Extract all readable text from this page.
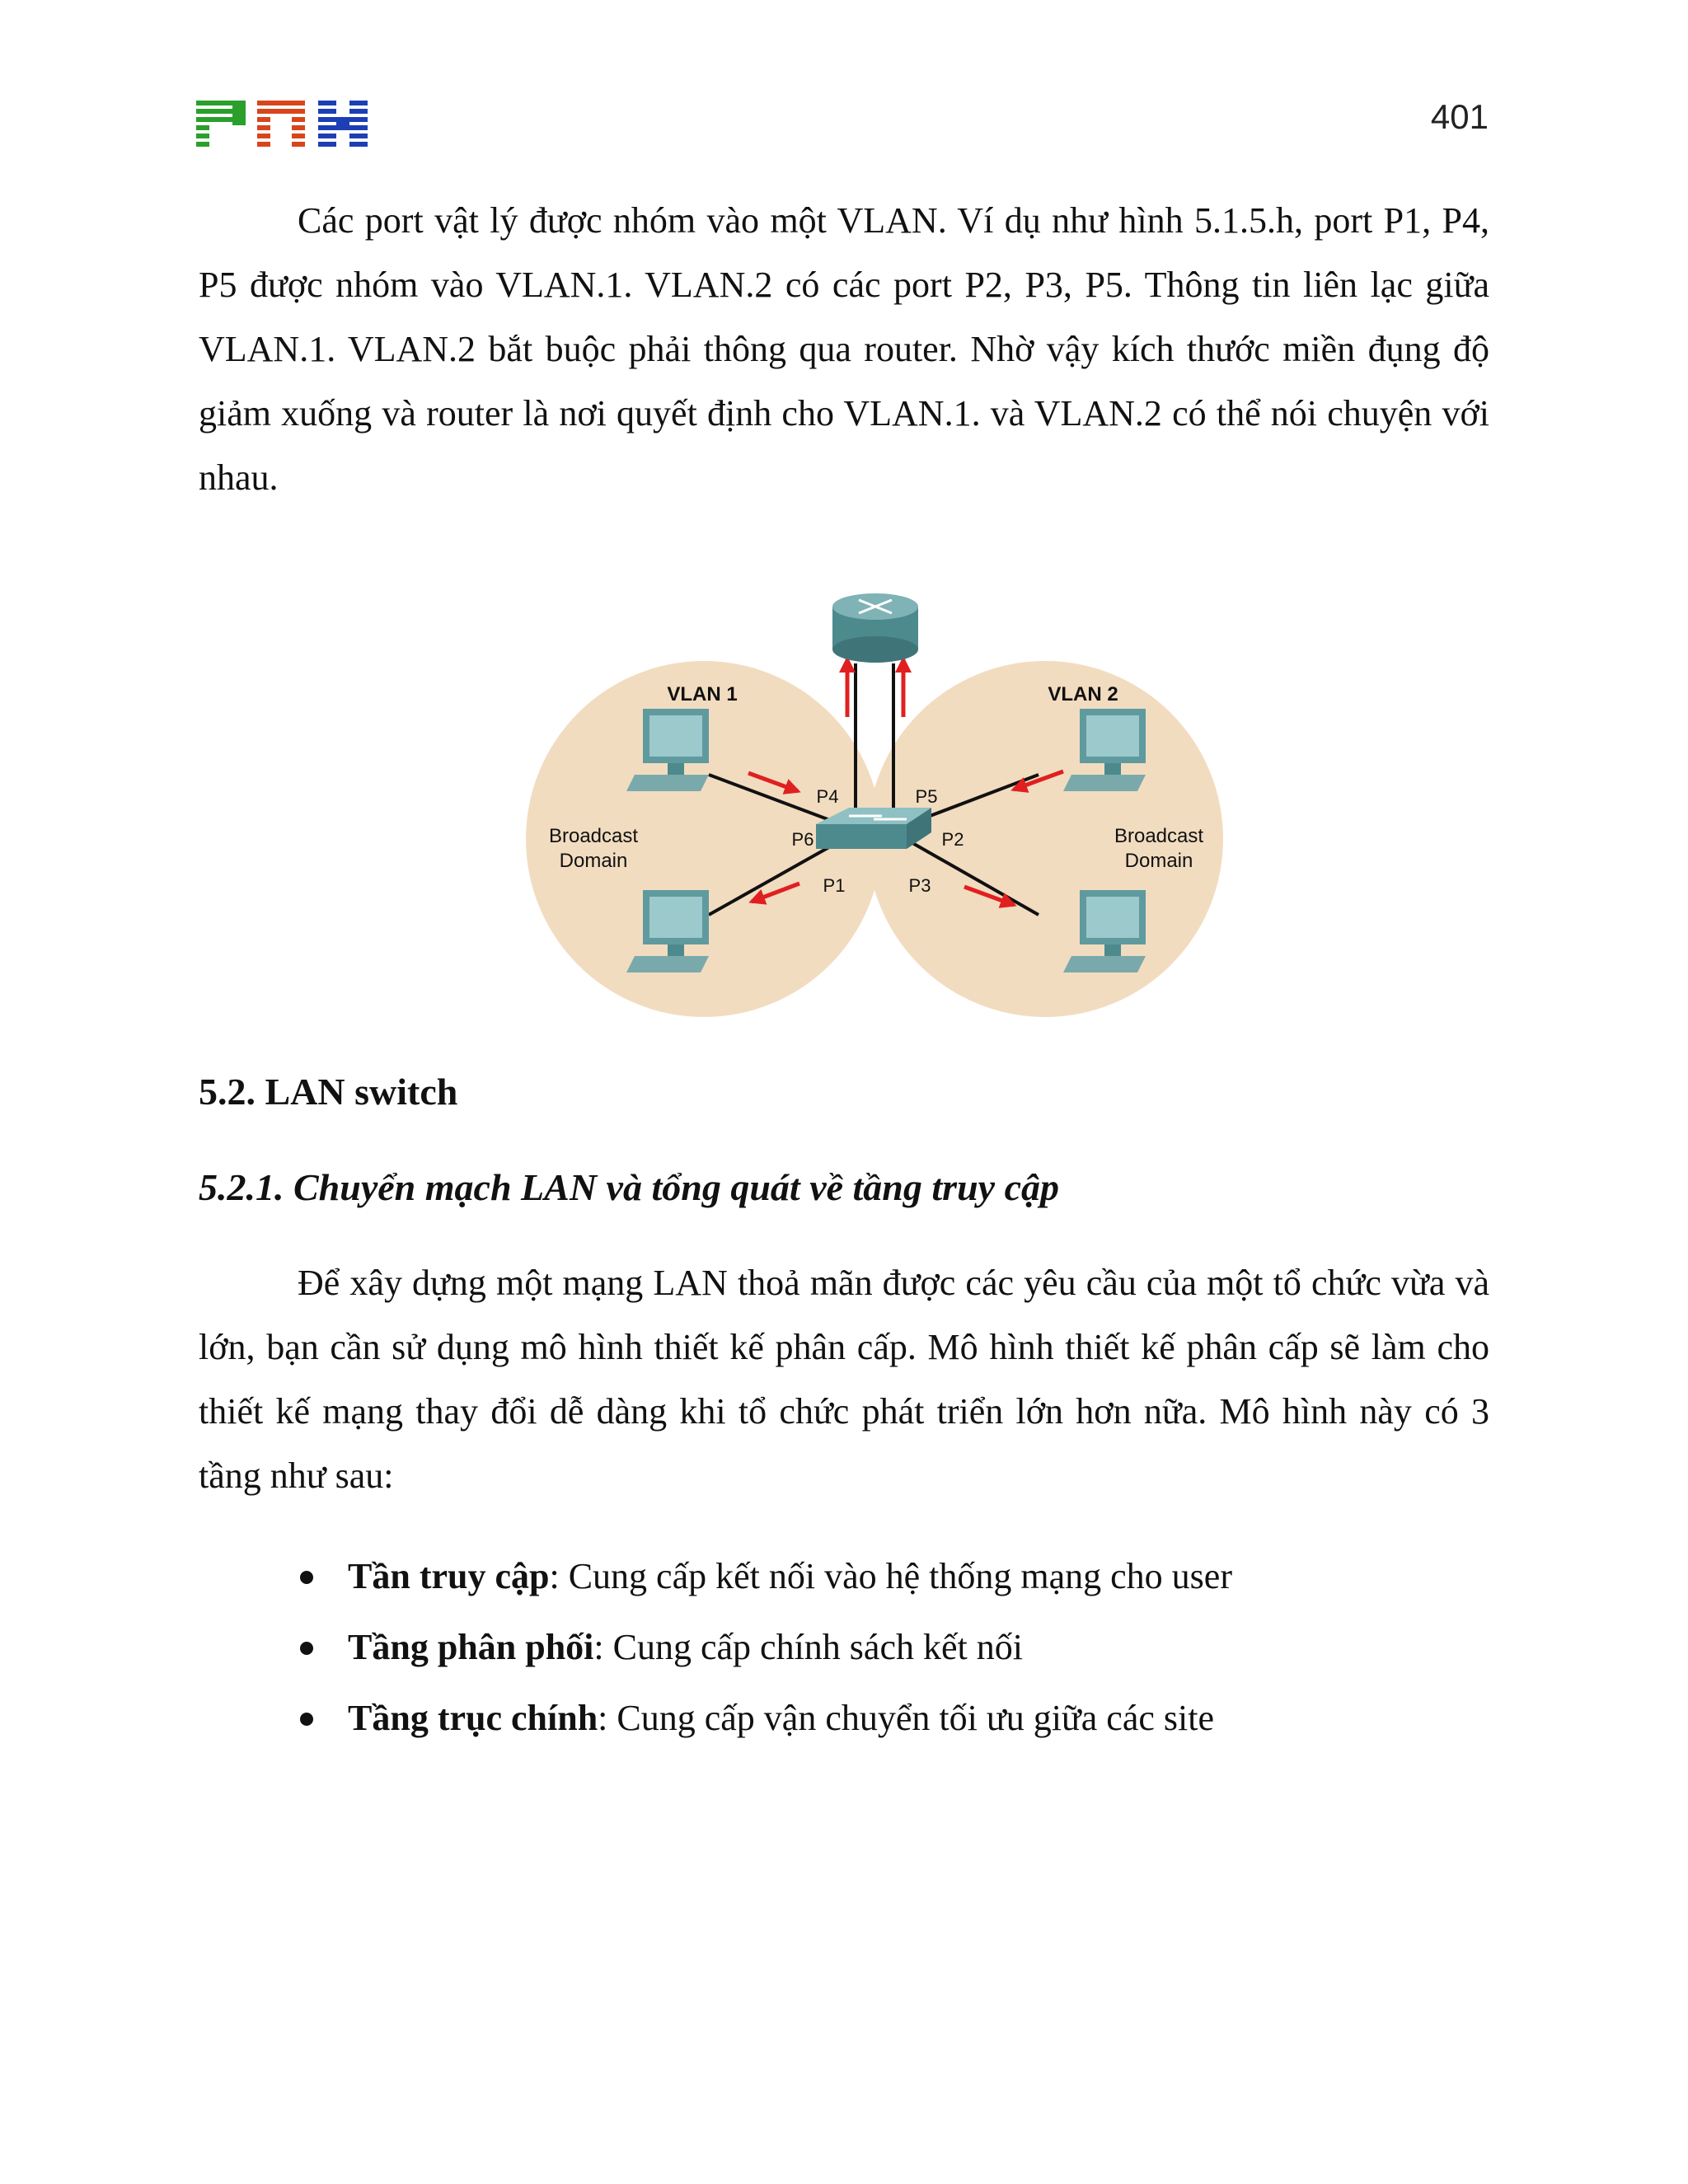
401

Các port vật lý được nhóm vào một VLAN. Ví dụ như hình 5.1.5.h, port P1, P4, P5 được nhóm vào VLAN.1. VLAN.2 có các port P2, P3, P5. Thông tin liên lạc giữa VLAN.1. VLAN.2 bắt buộc phải thông qua router. Nhờ vậy kích thước miền đụng độ giảm xuống và router là nơi quyết định cho VLAN.1. và VLAN.2 có thể nói chuyện với nhau.

VLAN 1	VLAN 2
Broadcast
Domain
Broadcast
Domain
P4
P6
P1
P5
P2
P3
5.2. LAN switch
5.2.1. Chuyển mạch LAN và tổng quát về tầng truy cập

Để xây dựng một mạng LAN thoả mãn được các yêu cầu của một tổ chức vừa và lớn, bạn cần sử dụng mô hình thiết kế phân cấp. Mô hình thiết kế phân cấp sẽ làm cho thiết kế mạng thay đổi dễ dàng khi tổ chức phát triển lớn hơn nữa. Mô hình này có 3 tầng như sau:

Tần truy cập: Cung cấp kết nối vào hệ thống mạng cho user
Tầng phân phối: Cung cấp chính sách kết nối
Tầng trục chính: Cung cấp vận chuyển tối ưu giữa các site
